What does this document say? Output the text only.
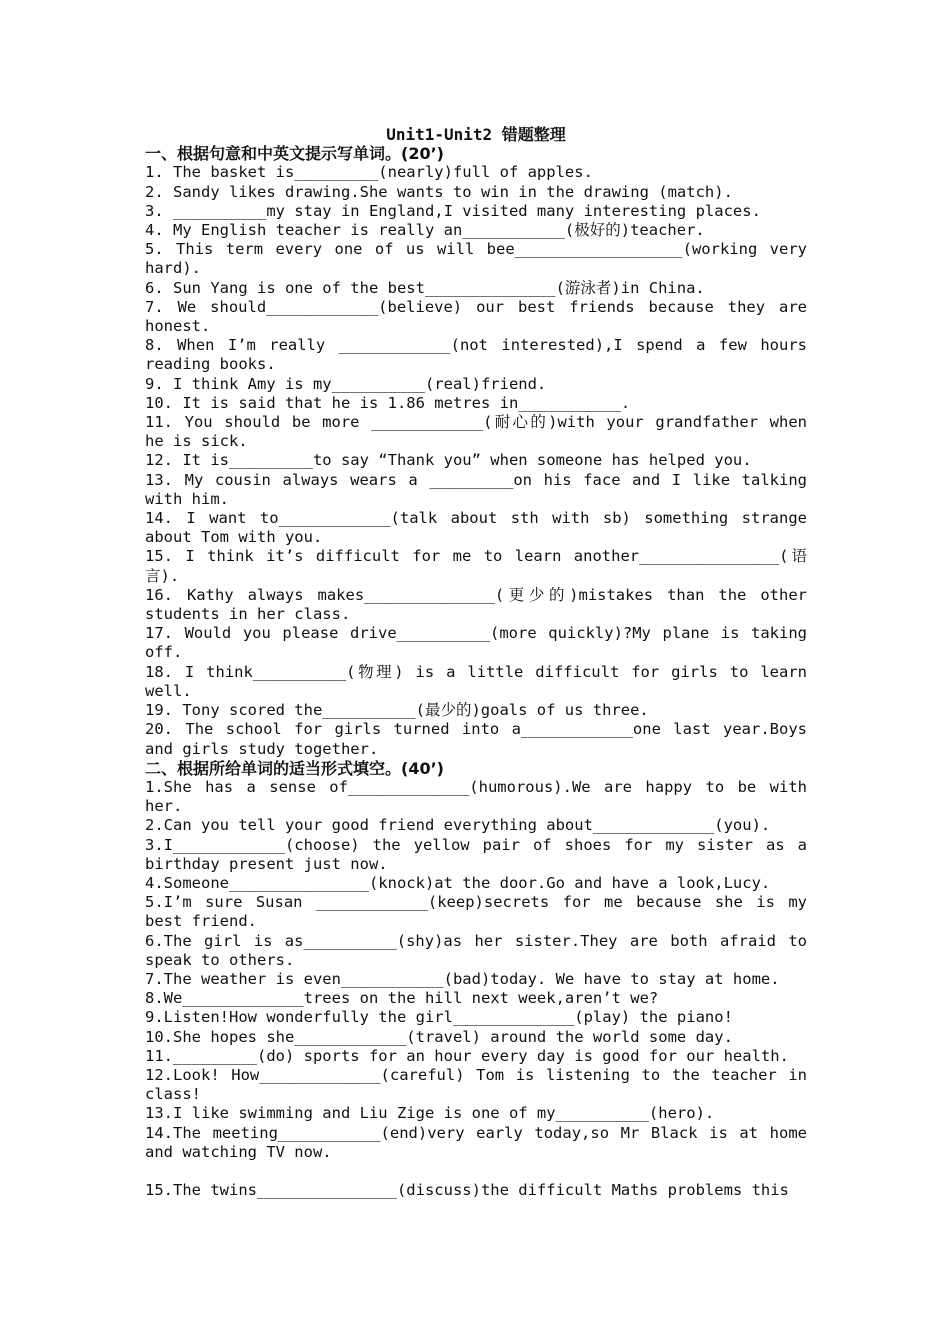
Unit1-Unit2 错题整理
一、根据句意和中英文提示写单词。(20’)
1. The basket is_________(nearly)full of apples.
2. Sandy likes drawing.She wants to win in the drawing (match).
3. __________my stay in England,I visited many interesting places.
4. My English teacher is really an___________(极好的)teacher.
5. This term every one of us will bee__________________(working very hard).
6. Sun Yang is one of the best______________(游泳者)in China.
7. We should____________(believe) our best friends because they are honest.
8. When I’m really ____________(not interested),I spend a few hours reading books.
9. I think Amy is my__________(real)friend.
10. It is said that he is 1.86 metres in___________.
11. You should be more ____________(耐心的)with your grandfather when he is sick.
12. It is_________to say “Thank you” when someone has helped you.
13. My cousin always wears a _________on his face and I like talking with him.
14. I want to____________(talk about sth with sb) something strange about Tom with you.
15. I think it’s difficult for me to learn another_______________(语言).
16. Kathy always makes______________(更少的)mistakes than the other students in her class.
17. Would you please drive__________(more quickly)?My plane is taking off.
18. I think__________(物理) is a little difficult for girls to learn well.
19. Tony scored the__________(最少的)goals of us three.
20. The school for girls turned into a____________one last year.Boys and girls study together.
二、根据所给单词的适当形式填空。(40’)
1.She has a sense of_____________(humorous).We are happy to be with her.
2.Can you tell your good friend everything about_____________(you).
3.I____________(choose) the yellow pair of shoes for my sister as a birthday present just now.
4.Someone_______________(knock)at the door.Go and have a look,Lucy.
5.I’m sure Susan ____________(keep)secrets for me because she is my best friend.
6.The girl is as__________(shy)as her sister.They are both afraid to speak to others.
7.The weather is even___________(bad)today. We have to stay at home.
8.We_____________trees on the hill next week,aren’t we?
9.Listen!How wonderfully the girl_____________(play) the piano!
10.She hopes she____________(travel) around the world some day.
11._________(do) sports for an hour every day is good for our health.
12.Look! How_____________(careful) Tom is listening to the teacher in class!
13.I like swimming and Liu Zige is one of my__________(hero).
14.The meeting___________(end)very early today,so Mr Black is at home and watching TV now.
15.The twins_______________(discuss)the difficult Maths problems this
